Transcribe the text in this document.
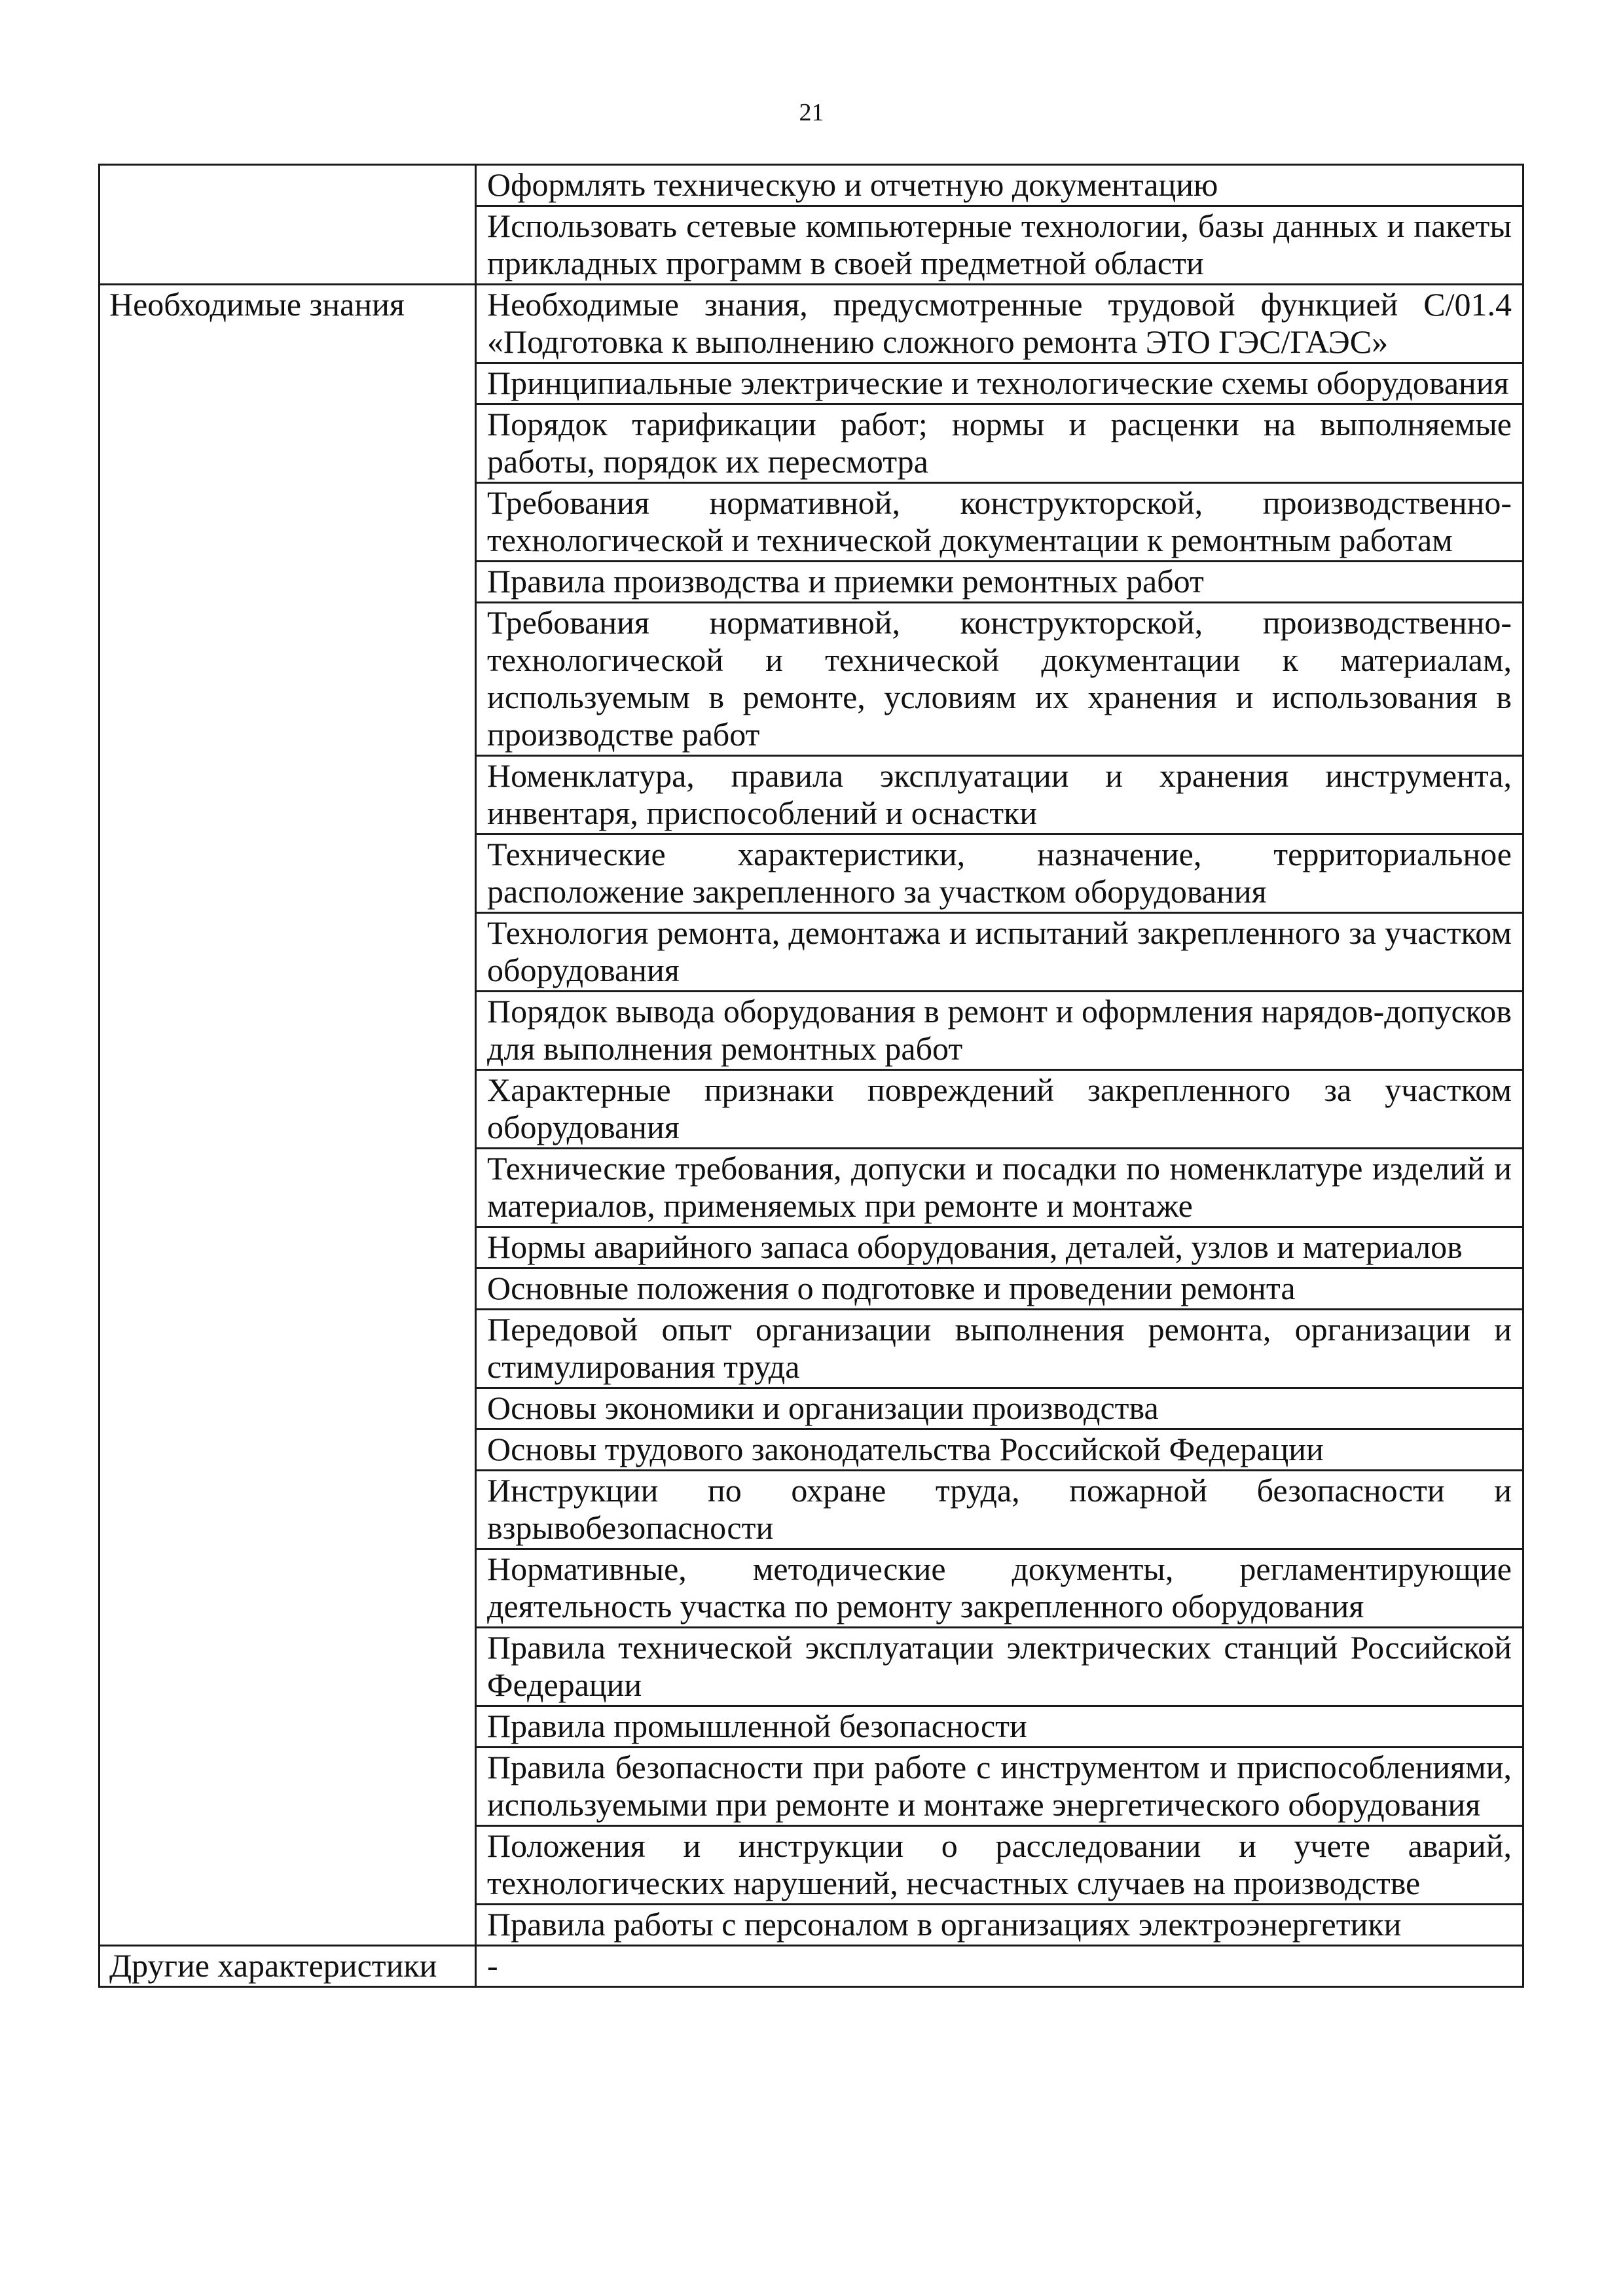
21
	Оформлять техническую и отчетную документацию
	Использовать сетевые компьютерные технологии, базы данных и пакеты прикладных программ в своей предметной области
Необходимые знания	Необходимые знания, предусмотренные трудовой функцией C/01.4 «Подготовка к выполнению сложного ремонта ЭТО ГЭС/ГАЭС»
	Принципиальные электрические и технологические схемы оборудования
	Порядок тарификации работ; нормы и расценки на выполняемые работы, порядок их пересмотра
	Требования нормативной, конструкторской, производственно-технологической и технической документации к ремонтным работам
	Правила производства и приемки ремонтных работ
	Требования нормативной, конструкторской, производственно-технологической и технической документации к материалам, используемым в ремонте, условиям их хранения и использования в производстве работ
	Номенклатура, правила эксплуатации и хранения инструмента, инвентаря, приспособлений и оснастки
	Технические характеристики, назначение, территориальное расположение закрепленного за участком оборудования
	Технология ремонта, демонтажа и испытаний закрепленного за участком оборудования
	Порядок вывода оборудования в ремонт и оформления нарядов-допусков для выполнения ремонтных работ
	Характерные признаки повреждений закрепленного за участком оборудования
	Технические требования, допуски и посадки по номенклатуре изделий и материалов, применяемых при ремонте и монтаже
	Нормы аварийного запаса оборудования, деталей, узлов и материалов
	Основные положения о подготовке и проведении ремонта
	Передовой опыт организации выполнения ремонта, организации и стимулирования труда
	Основы экономики и организации производства
	Основы трудового законодательства Российской Федерации
	Инструкции по охране труда, пожарной безопасности и взрывобезопасности
	Нормативные, методические документы, регламентирующие деятельность участка по ремонту закрепленного оборудования
	Правила технической эксплуатации электрических станций Российской Федерации
	Правила промышленной безопасности
	Правила безопасности при работе с инструментом и приспособлениями, используемыми при ремонте и монтаже энергетического оборудования
	Положения и инструкции о расследовании и учете аварий, технологических нарушений, несчастных случаев на производстве
	Правила работы с персоналом в организациях электроэнергетики
Другие характеристики	-
